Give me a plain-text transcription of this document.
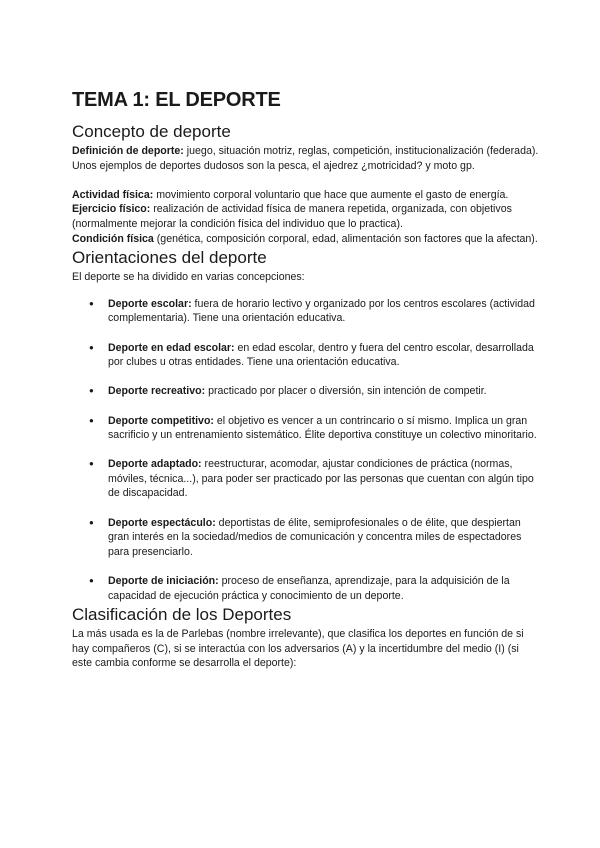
TEMA 1: EL DEPORTE
Concepto de deporte

Definición de deporte: juego, situación motriz, reglas, competición, institucionalización (federada).

Unos ejemplos de deportes dudosos son la pesca, el ajedrez ¿motricidad? y moto gp.

Actividad física: movimiento corporal voluntario que hace que aumente el gasto de energía.

Ejercicio físico: realización de actividad física de manera repetida, organizada, con objetivos (normalmente mejorar la condición física del individuo que lo practica).

Condición física (genética, composición corporal, edad, alimentación son factores que la afectan).

Orientaciones del deporte

El deporte se ha dividido en varias concepciones:

● Deporte escolar: fuera de horario lectivo y organizado por los centros escolares (actividad complementaria). Tiene una orientación educativa.
● Deporte en edad escolar: en edad escolar, dentro y fuera del centro escolar, desarrollada por clubes u otras entidades. Tiene una orientación educativa.
● Deporte recreativo: practicado por placer o diversión, sin intención de competir.
● Deporte competitivo: el objetivo es vencer a un contrincario o sí mismo. Implica un gran sacrificio y un entrenamiento sistemático. Élite deportiva constituye un colectivo minoritario.
● Deporte adaptado: reestructurar, acomodar, ajustar condiciones de práctica (normas, móviles, técnica...), para poder ser practicado por las personas que cuentan con algún tipo de discapacidad.
● Deporte espectáculo: deportistas de élite, semiprofesionales o de élite, que despiertan gran interés en la sociedad/medios de comunicación y concentra miles de espectadores para presenciarlo.
● Deporte de iniciación: proceso de enseñanza, aprendizaje, para la adquisición de la capacidad de ejecución práctica y conocimiento de un deporte.
Clasificación de los Deportes

La más usada es la de Parlebas (nombre irrelevante), que clasifica los deportes en función de si hay compañeros (C), si se interactúa con los adversarios (A) y la incertidumbre del medio (I) (si este cambia conforme se desarrolla el deporte):
